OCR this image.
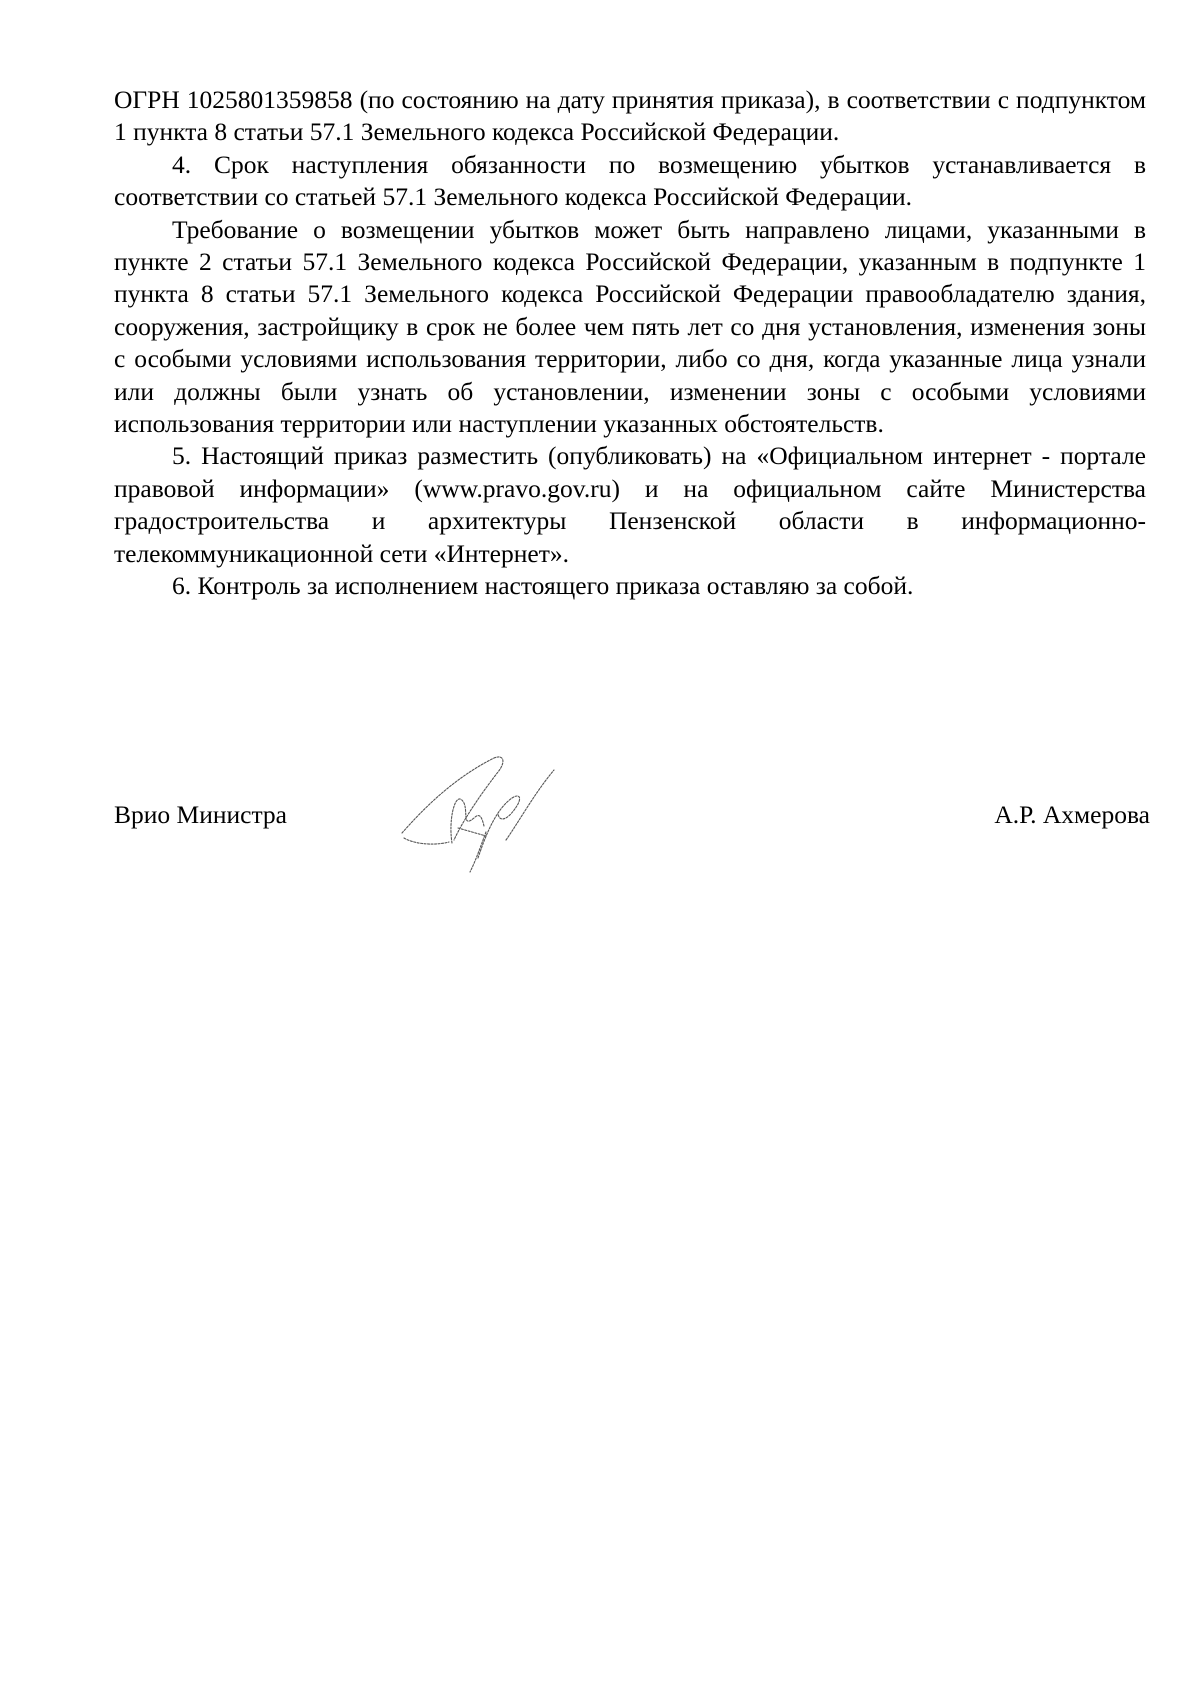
ОГРН 1025801359858 (по состоянию на дату принятия приказа), в соответствии с подпунктом 1 пункта 8 статьи 57.1 Земельного кодекса Российской Федерации.

4. Срок наступления обязанности по возмещению убытков устанавливается в соответствии со статьей 57.1 Земельного кодекса Российской Федерации.

Требование о возмещении убытков может быть направлено лицами, указанными в пункте 2 статьи 57.1 Земельного кодекса Российской Федерации, указанным в подпункте 1 пункта 8 статьи 57.1 Земельного кодекса Российской Федерации правообладателю здания, сооружения, застройщику в срок не более чем пять лет со дня установления, изменения зоны с особыми условиями использования территории, либо со дня, когда указанные лица узнали или должны были узнать об установлении, изменении зоны с особыми условиями использования территории или наступлении указанных обстоятельств.

5. Настоящий приказ разместить (опубликовать) на «Официальном интернет - портале правовой информации» (www.pravo.gov.ru) и на официальном сайте Министерства градостроительства и архитектуры Пензенской области в информационно-телекоммуникационной сети «Интернет».

6. Контроль за исполнением настоящего приказа оставляю за собой.

Врио Министра	А.Р. Ахмерова
